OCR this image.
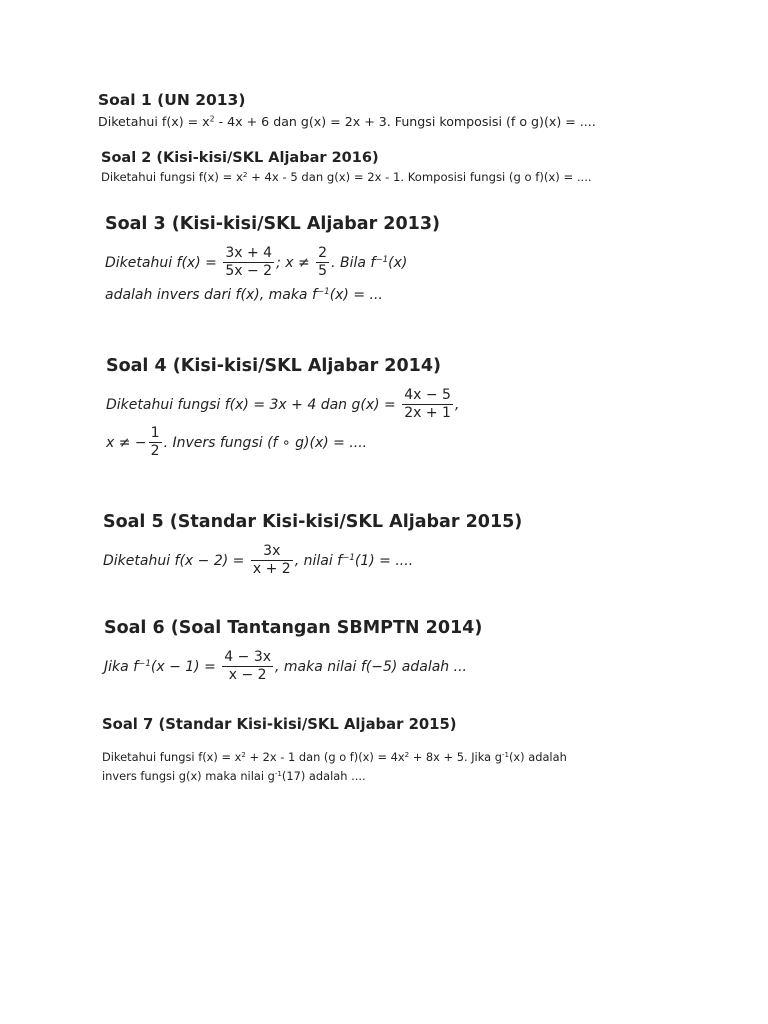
Soal 1 (UN 2013)
Diketahui $f(x) = x^2 - 4x + 6$ dan g(x) = 2x + 3. Fungsi komposisi (f o g)(x) = ....
Soal 2 (Kisi-kisi/SKL Aljabar 2016)
Diketahui fungsi $f(x) = x^2 + 4x - 5$ dan g(x) = 2x - 1. Komposisi fungsi (g o f)(x) = ....
Soal 3 (Kisi-kisi/SKL Aljabar 2013)
Diketahui $f(x) = \frac{3x + 4}{5x - 2}$ ; $x \ne \frac{2}{5}$ . Bila $f^{-1}(x)$
adalah invers dari f(x), maka $f^{-1}(x)$ = ...
Soal 4 (Kisi-kisi/SKL Aljabar 2014)
Diketahui fungsi f(x) = 3x + 4 dan $g(x) = \frac{4x - 5}{2x + 1}$ ,
x ≠ − $\frac{1}{2}$ . Invers fungsi (f ∘ g)(x) = ....
Soal 5 (Standar Kisi-kisi/SKL Aljabar 2015)
Diketahui $f(x - 2) = \frac{3x}{x + 2}$ , nilai $f^{-1}(1)$ = ....
Soal 6 (Soal Tantangan SBMPTN 2014)
Jika $f^{-1}(x - 1) = \frac{4 - 3x}{x - 2}$ , maka nilai f(−5) adalah ...
Soal 7 (Standar Kisi-kisi/SKL Aljabar 2015)
Diketahui fungsi $f(x) = x^2 + 2x - 1$ dan (g o $f)(x) = 4x^2 + 8x + 5$. Jika $g^{-1}(x)$ adalah
invers fungsi g(x) maka nilai $g^{-1}(17)$ adalah ....
